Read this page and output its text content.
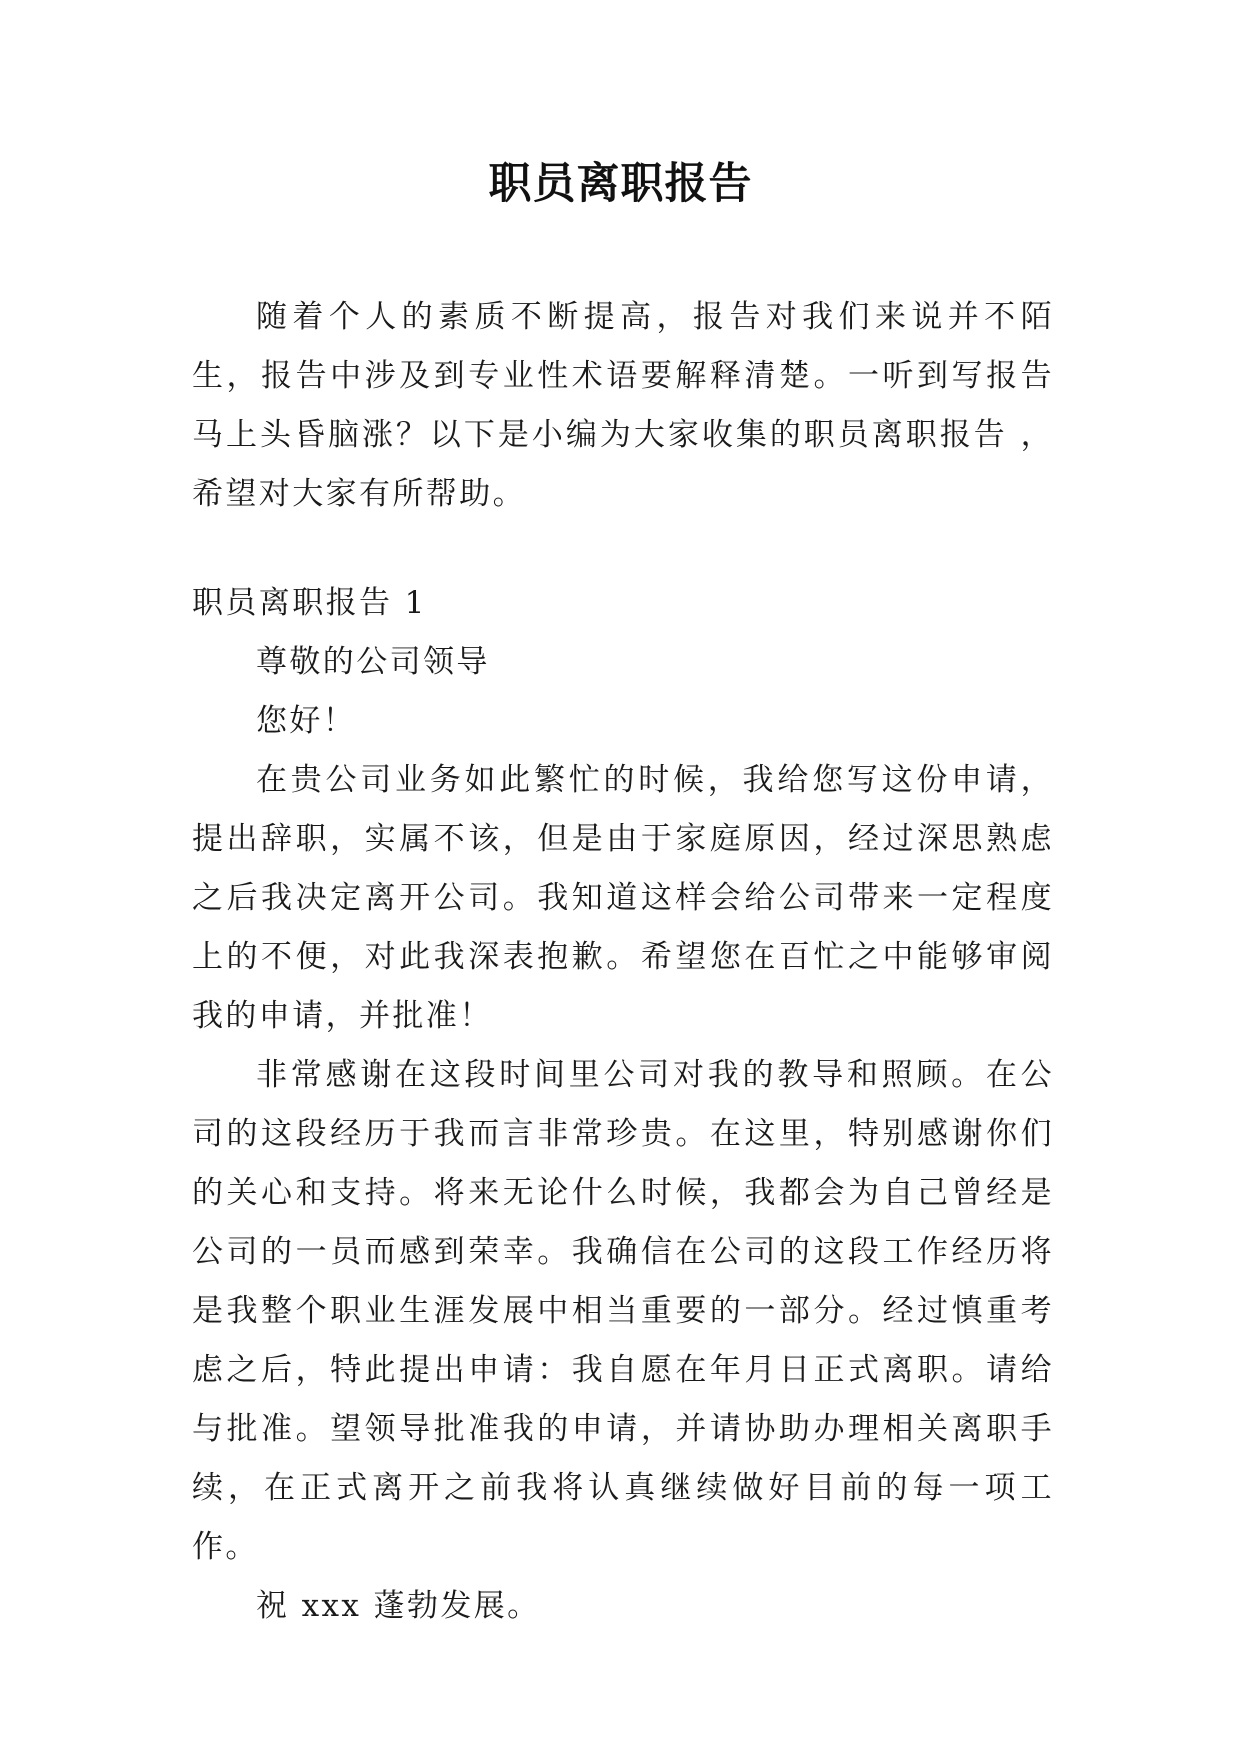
职员离职报告

随着个人的素质不断提高，报告对我们来说并不陌生，报告中涉及到专业性术语要解释清楚。一听到写报告马上头昏脑涨？以下是小编为大家收集的职员离职报告 ，希望对大家有所帮助。

职员离职报告 1

尊敬的公司领导

您好！

在贵公司业务如此繁忙的时候，我给您写这份申请，提出辞职，实属不该，但是由于家庭原因，经过深思熟虑之后我决定离开公司。我知道这样会给公司带来一定程度上的不便，对此我深表抱歉。希望您在百忙之中能够审阅我的申请，并批准！

非常感谢在这段时间里公司对我的教导和照顾。在公司的这段经历于我而言非常珍贵。在这里，特别感谢你们的关心和支持。将来无论什么时候，我都会为自己曾经是公司的一员而感到荣幸。我确信在公司的这段工作经历将是我整个职业生涯发展中相当重要的一部分。经过慎重考虑之后，特此提出申请：我自愿在年月日正式离职。请给与批准。望领导批准我的申请，并请协助办理相关离职手续，在正式离开之前我将认真继续做好目前的每一项工作。

祝 xxx 蓬勃发展。
